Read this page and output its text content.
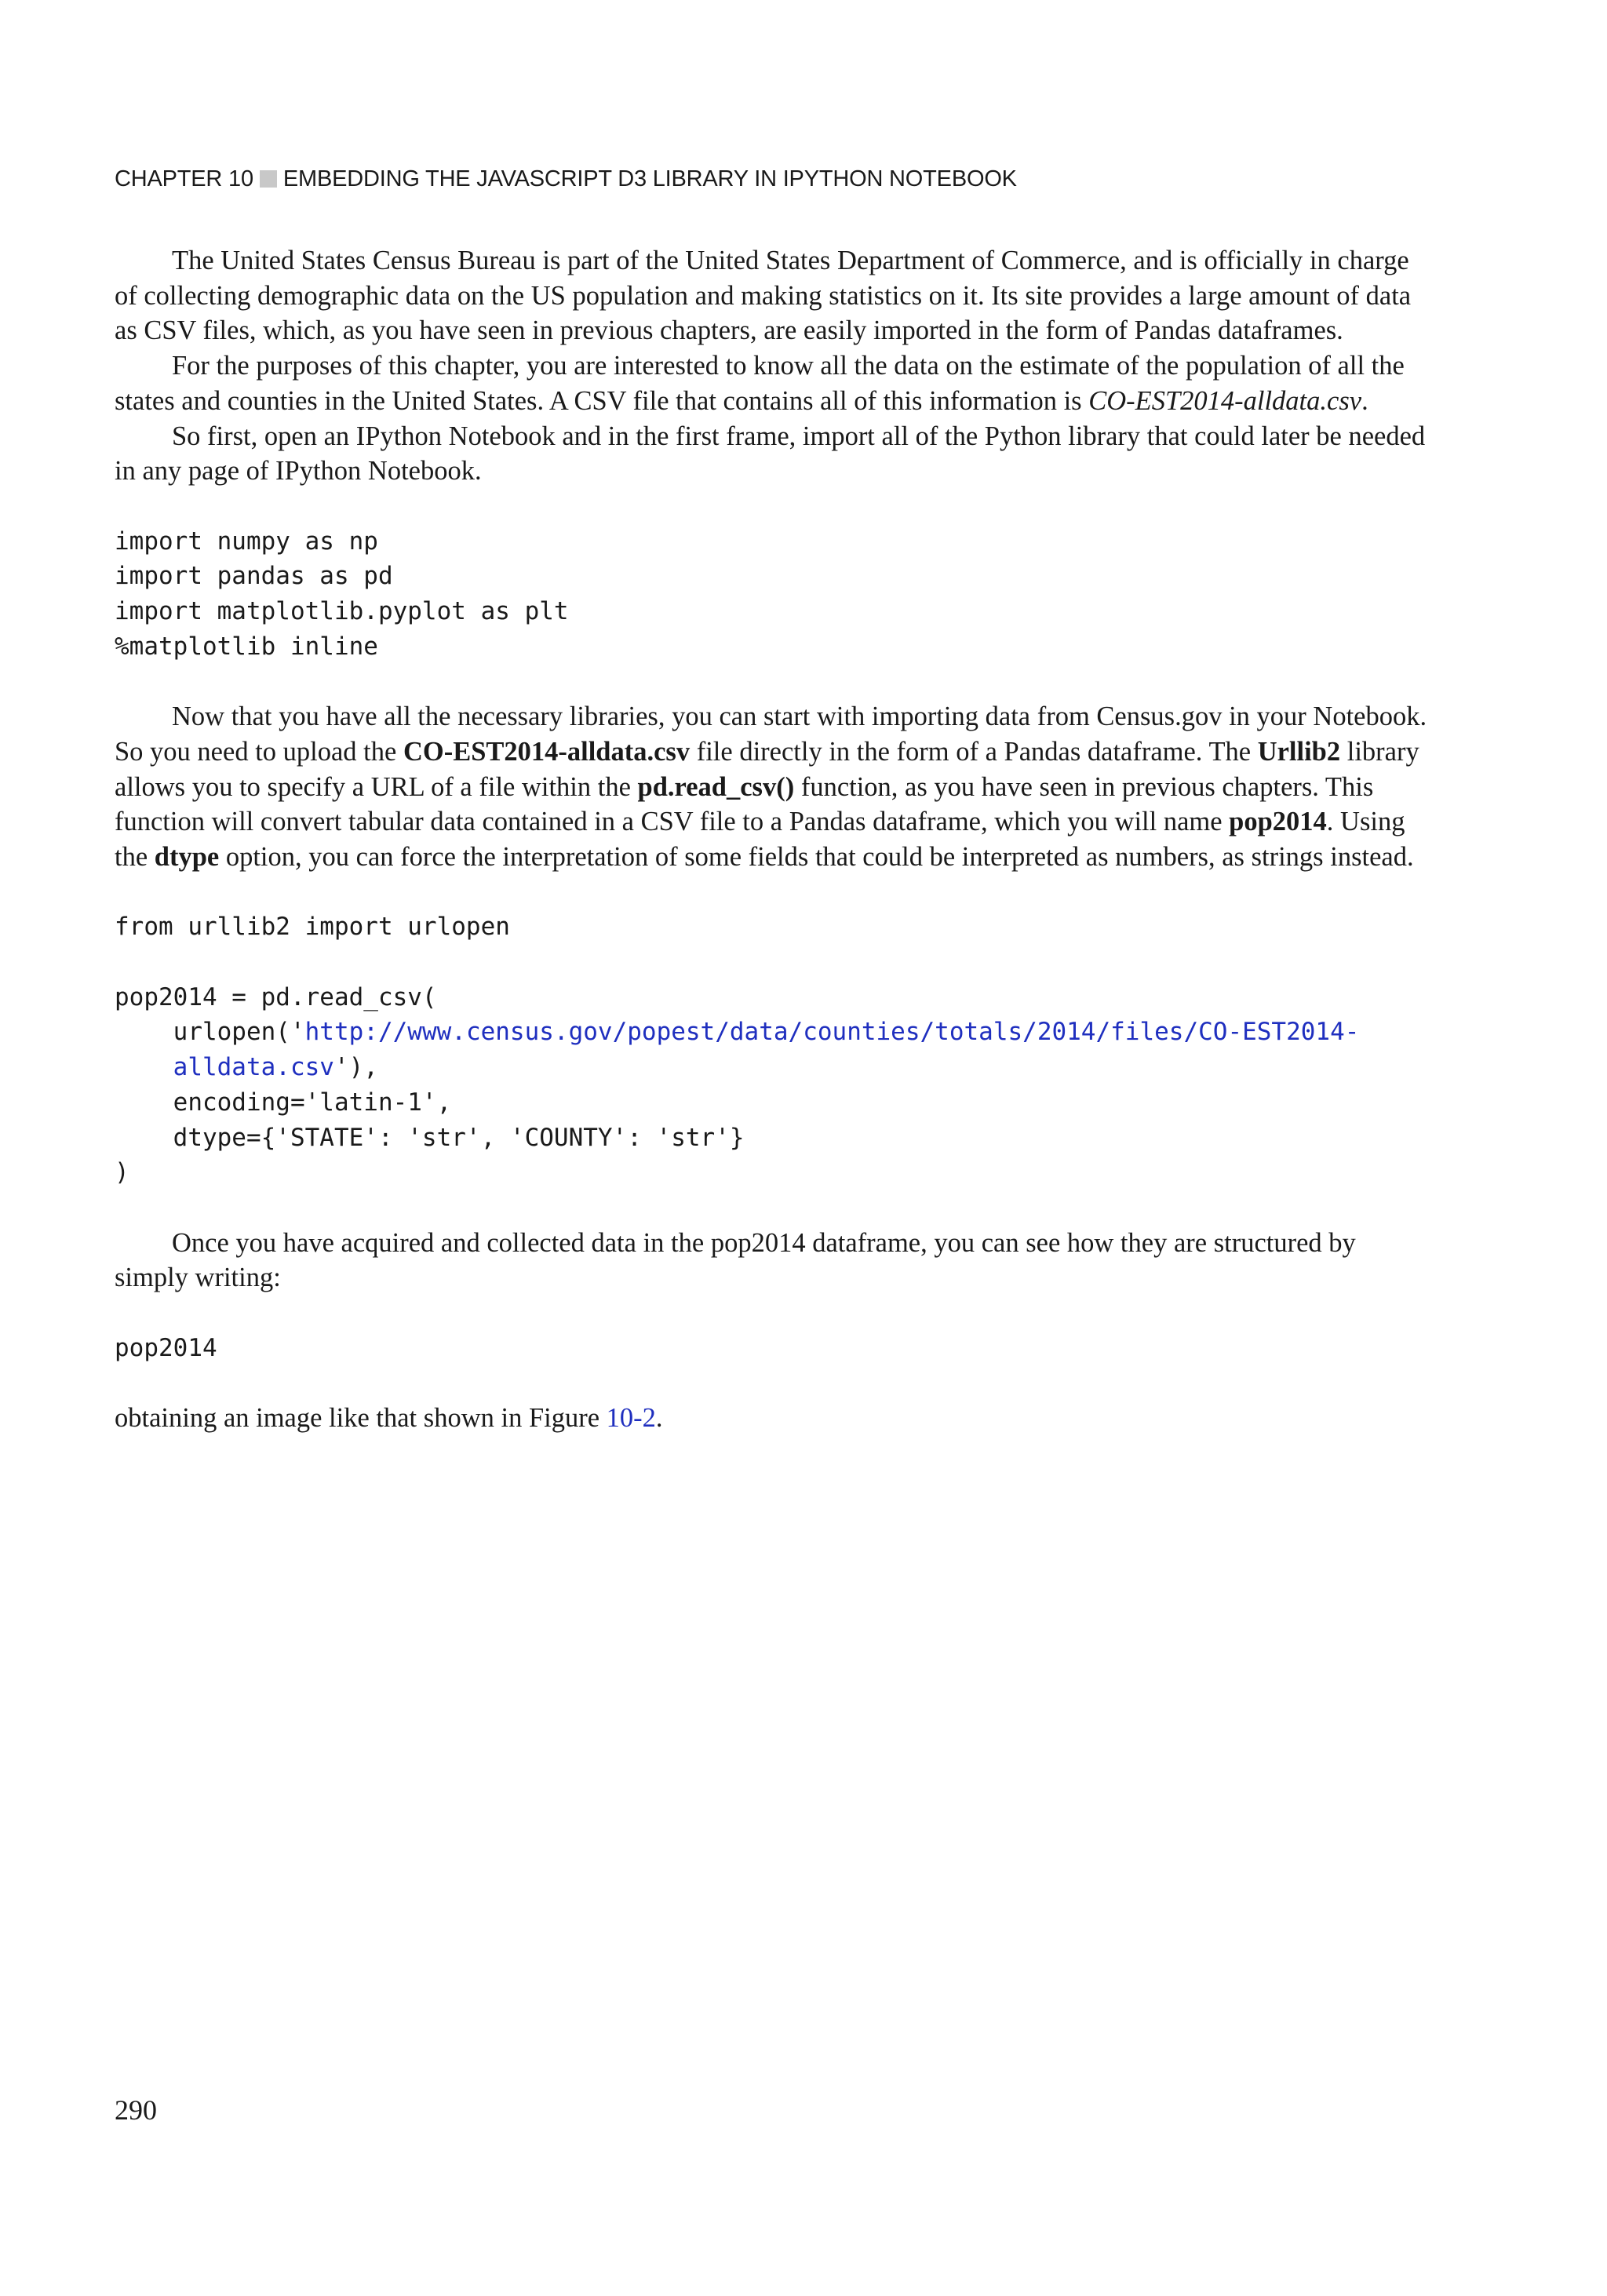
CHAPTER 10 EMBEDDING THE JAVASCRIPT D3 LIBRARY IN IPYTHON NOTEBOOK

The United States Census Bureau is part of the United States Department of Commerce, and is officially in charge of collecting demographic data on the US population and making statistics on it. Its site provides a large amount of data as CSV files, which, as you have seen in previous chapters, are easily imported in the form of Pandas dataframes.

For the purposes of this chapter, you are interested to know all the data on the estimate of the population of all the states and counties in the United States. A CSV file that contains all of this information is CO-EST2014-alldata.csv.

So first, open an IPython Notebook and in the first frame, import all of the Python library that could later be needed in any page of IPython Notebook.

import numpy as np
import pandas as pd
import matplotlib.pyplot as plt
%matplotlib inline

Now that you have all the necessary libraries, you can start with importing data from Census.gov in your Notebook. So you need to upload the CO-EST2014-alldata.csv file directly in the form of a Pandas dataframe. The Urllib2 library allows you to specify a URL of a file within the pd.read_csv() function, as you have seen in previous chapters. This function will convert tabular data contained in a CSV file to a Pandas dataframe, which you will name pop2014. Using the dtype option, you can force the interpretation of some fields that could be interpreted as numbers, as strings instead.

from urllib2 import urlopen

pop2014 = pd.read_csv(
urlopen('http://www.census.gov/popest/data/counties/totals/2014/files/CO-EST2014-
alldata.csv'),
encoding='latin-1',
dtype={'STATE': 'str', 'COUNTY': 'str'}
)

Once you have acquired and collected data in the pop2014 dataframe, you can see how they are structured by simply writing:

pop2014

obtaining an image like that shown in Figure 10-2.

290
